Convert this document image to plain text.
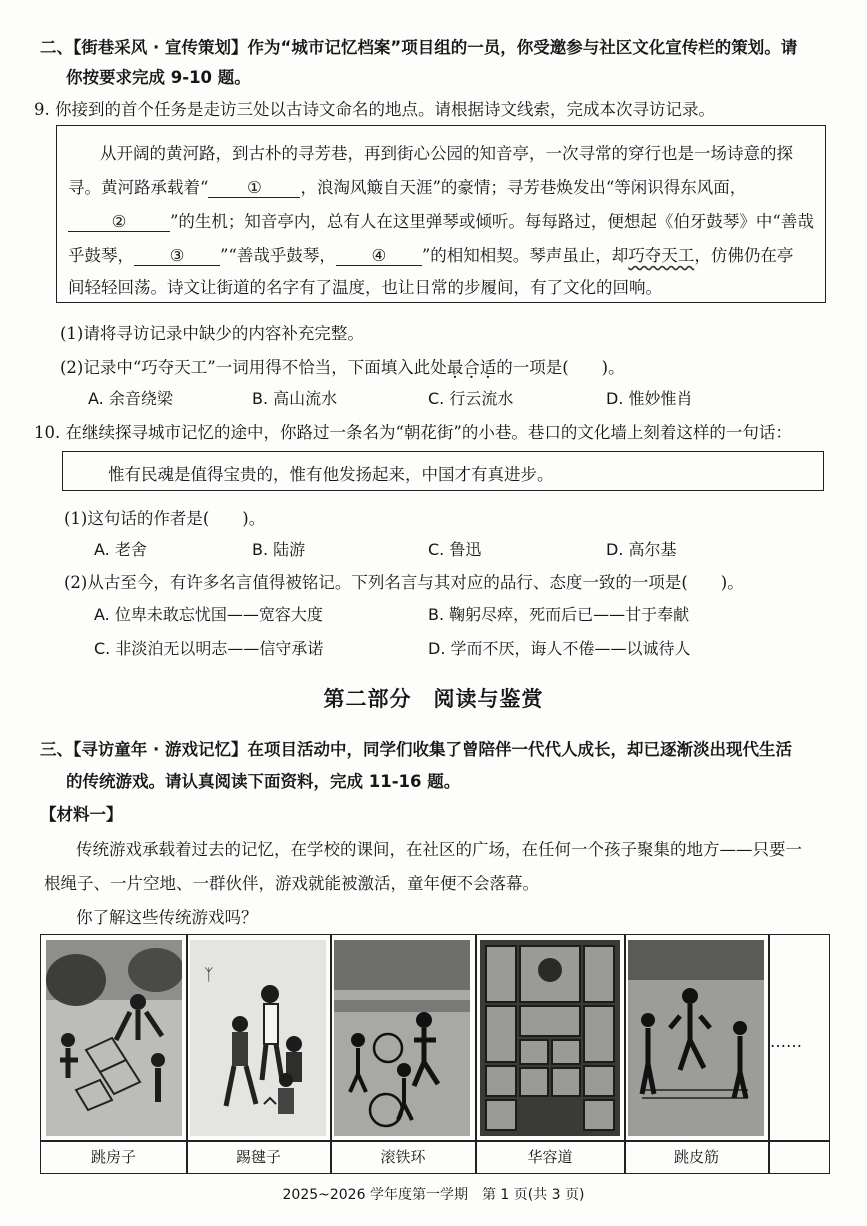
二、【街巷采风 · 宣传策划】作为“城市记忆档案”项目组的一员，你受邀参与社区文化宣传栏的策划。请
你按要求完成 9-10 题。
9. 你接到的首个任务是走访三处以古诗文命名的地点。请根据诗文线索，完成本次寻访记录。
从开阔的黄河路，到古朴的寻芳巷，再到街心公园的知音亭，一次寻常的穿行也是一场诗意的探
寻。黄河路承载着“ ① ，浪淘风簸自天涯”的豪情；寻芳巷焕发出“等闲识得东风面，
②	”的生机；知音亭内，总有人在这里弹琴或倾听。每每路过，便想起《伯牙鼓琴》中“善哉
乎鼓琴， ③ ”“善哉乎鼓琴， ④ ”的相知相契。琴声虽止，却巧夺天工，仿佛仍在亭
间轻轻回荡。诗文让街道的名字有了温度，也让日常的步履间，有了文化的回响。
(1)请将寻访记录中缺少的内容补充完整。
(2)记录中“巧夺天工”一词用得不恰当，下面填入此处最合适的一项是(　　)。
A. 余音绕梁	B. 高山流水	C. 行云流水	D. 惟妙惟肖
10. 在继续探寻城市记忆的途中，你路过一条名为“朝花街”的小巷。巷口的文化墙上刻着这样的一句话：
惟有民魂是值得宝贵的，惟有他发扬起来，中国才有真进步。
(1)这句话的作者是(　　)。
A. 老舍	B. 陆游	C. 鲁迅	D. 高尔基
(2)从古至今，有许多名言值得被铭记。下列名言与其对应的品行、态度一致的一项是(　　)。
A. 位卑未敢忘忧国——宽容大度	B. 鞠躬尽瘁，死而后已——甘于奉献
C. 非淡泊无以明志——信守承诺	D. 学而不厌，诲人不倦——以诚待人
第二部分　阅读与鉴赏
三、【寻访童年 · 游戏记忆】在项目活动中，同学们收集了曾陪伴一代代人成长，却已逐渐淡出现代生活
的传统游戏。请认真阅读下面资料，完成 11-16 题。
【材料一】
传统游戏承载着过去的记忆，在学校的课间，在社区的广场，在任何一个孩子聚集的地方——只要一
根绳子、一片空地、一群伙伴，游戏就能被激活，童年便不会落幕。
你了解这些传统游戏吗？
ᛉ
……
跳房子	踢毽子	滚铁环	华容道	跳皮筋
2025~2026 学年度第一学期　第 1 页(共 3 页)
